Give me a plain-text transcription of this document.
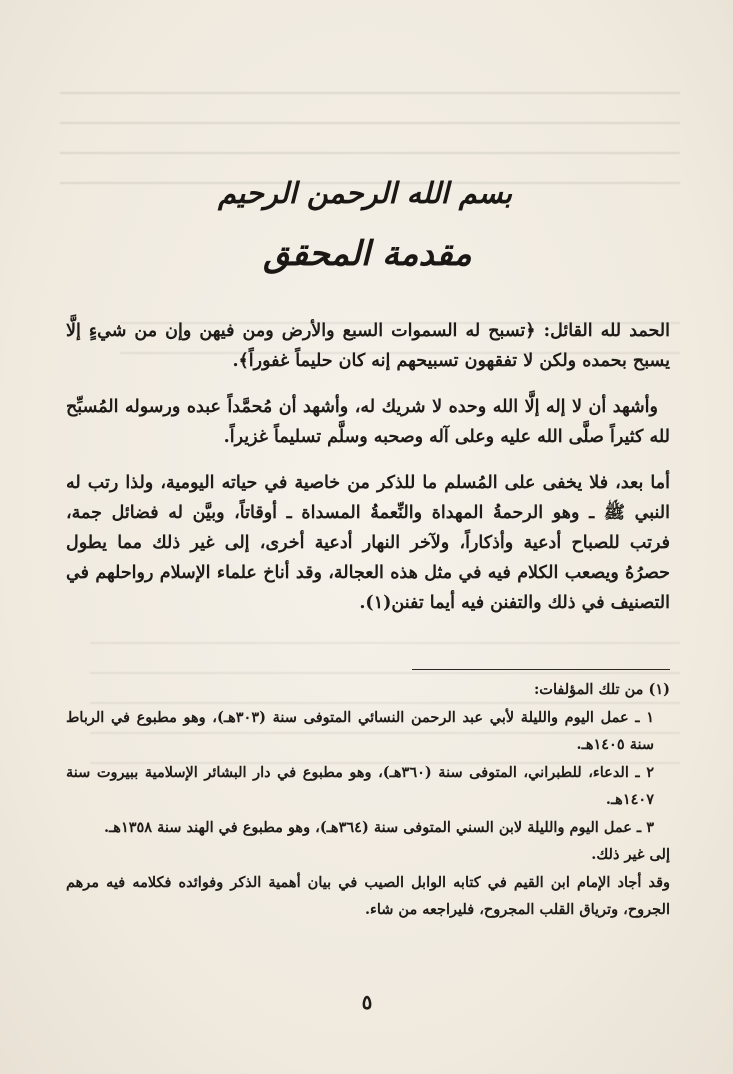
بسم الله الرحمن الرحيم
مقدمة المحقق

الحمد لله القائل: ﴿تسبح له السموات السبع والأرض ومن فيهن وإن من شيءٍ إلَّا يسبح بحمده ولكن لا تفقهون تسبيحهم إنه كان حليماً غفوراً﴾.

وأشهد أن لا إله إلَّا الله وحده لا شريك له، وأشهد أن مُحمَّداً عبده ورسوله المُسبِّح لله كثيراً صلَّى الله عليه وعلى آله وصحبه وسلَّم تسليماً غزيراً.

أما بعد، فلا يخفى على المُسلم ما للذكر من خاصية في حياته اليومية، ولذا رتب له النبي ﷺ ـ وهو الرحمةُ المهداة والنِّعمةُ المسداة ـ أوقاتاً، وبيَّن له فضائل جمة، فرتب للصباح أدعية وأذكاراً، ولآخر النهار أدعية أخرى، إلى غير ذلك مما يطول حصرُهُ ويصعب الكلام فيه في مثل هذه العجالة، وقد أناخ علماء الإسلام رواحلهم في التصنيف في ذلك والتفنن فيه أيما تفنن(١).

(١) من تلك المؤلفات:
١ ـ عمل اليوم والليلة لأبي عبد الرحمن النسائي المتوفى سنة (٣٠٣هـ)، وهو مطبوع في الرباط سنة ١٤٠٥هـ.
٢ ـ الدعاء، للطبراني، المتوفى سنة (٣٦٠هـ)، وهو مطبوع في دار البشائر الإسلامية ببيروت سنة ١٤٠٧هـ.
٣ ـ عمل اليوم والليلة لابن السني المتوفى سنة (٣٦٤هـ)، وهو مطبوع في الهند سنة ١٣٥٨هـ.
إلى غير ذلك.
وقد أجاد الإمام ابن القيم في كتابه الوابل الصيب في بيان أهمية الذكر وفوائده فكلامه فيه مرهم الجروح، وترياق القلب المجروح، فليراجعه من شاء.
٥
